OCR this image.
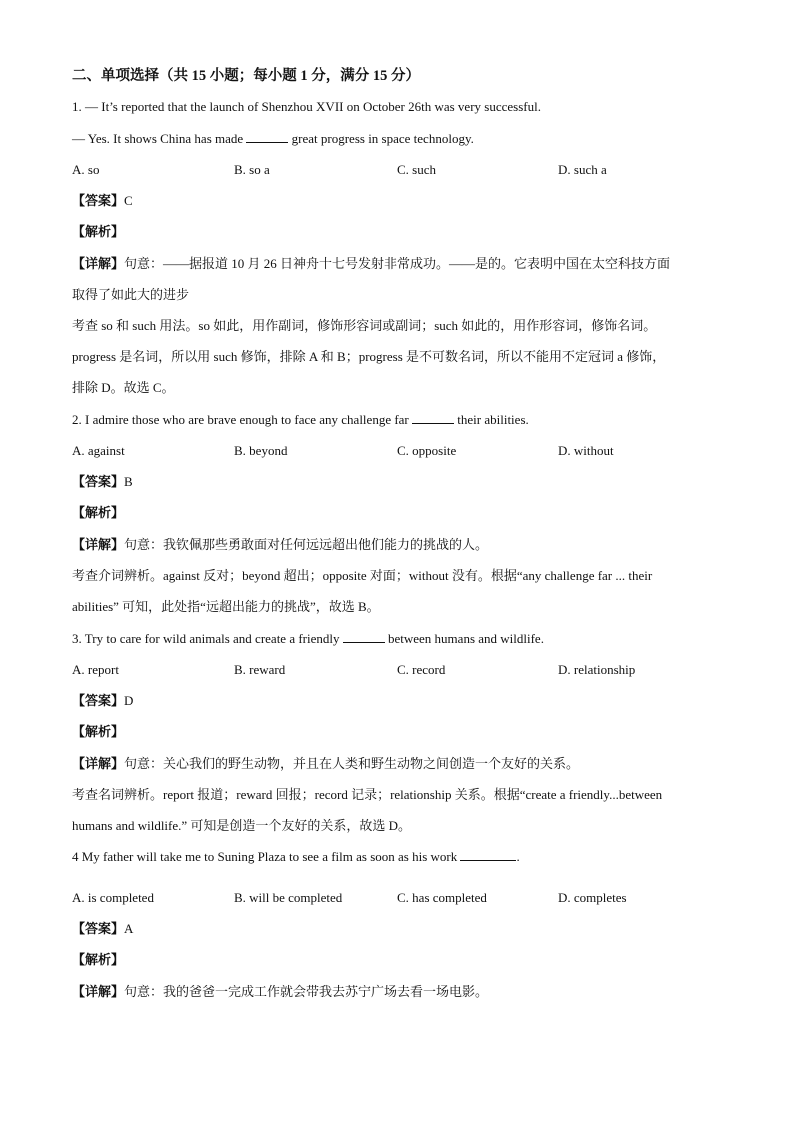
二、单项选择（共 15 小题；每小题 1 分，满分 15 分）
1. — It’s reported that the launch of Shenzhou XVII on October 26th was very successful.
— Yes. It shows China has made	great progress in space technology.
A. so	B. so a	C. such	D. such a
【答案】C
【解析】
【详解】句意：——据报道 10 月 26 日神舟十七号发射非常成功。——是的。它表明中国在太空科技方面
取得了如此大的进步
考查 so 和 such 用法。so 如此，用作副词，修饰形容词或副词；such 如此的，用作形容词，修饰名词。
progress 是名词，所以用 such 修饰，排除 A 和 B；progress 是不可数名词，所以不能用不定冠词 a 修饰，
排除 D。故选 C。
2. I admire those who are brave enough to face any challenge far	their abilities.
A. against	B. beyond	C. opposite	D. without
【答案】B
【解析】
【详解】句意：我钦佩那些勇敢面对任何远远超出他们能力的挑战的人。
考查介词辨析。against 反对；beyond 超出；opposite 对面；without 没有。根据“any challenge far ... their
abilities” 可知，此处指“远超出能力的挑战”，故选 B。
3. Try to care for wild animals and create a friendly	between humans and wildlife.
A. report	B. reward	C. record	D. relationship
【答案】D
【解析】
【详解】句意：关心我们的野生动物，并且在人类和野生动物之间创造一个友好的关系。
考查名词辨析。report 报道；reward 回报；record 记录；relationship 关系。根据“create a friendly...between
humans and wildlife.” 可知是创造一个友好的关系，故选 D。
4 My father will take me to Suning Plaza to see a film as soon as his work	.
A. is completed	B. will be completed	C. has completed	D. completes
【答案】A
【解析】
【详解】句意：我的爸爸一完成工作就会带我去苏宁广场去看一场电影。
